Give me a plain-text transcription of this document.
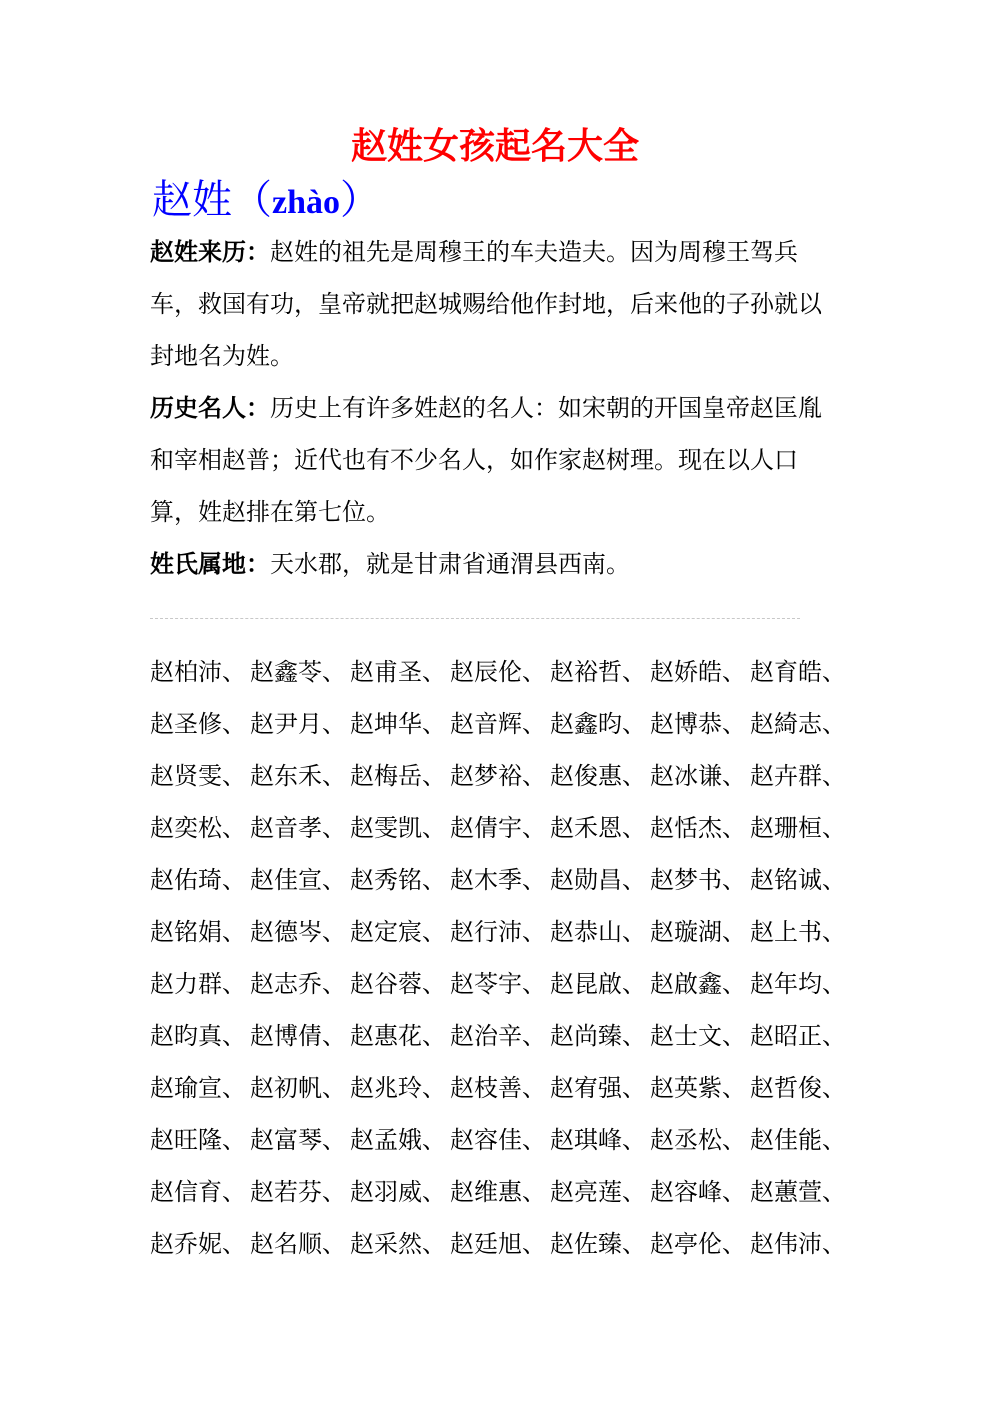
赵姓女孩起名大全
赵姓（zhào）

赵姓来历：赵姓的祖先是周穆王的车夫造夫。因为周穆王驾兵车，救国有功，皇帝就把赵城赐给他作封地，后来他的子孙就以封地名为姓。

历史名人：历史上有许多姓赵的名人：如宋朝的开国皇帝赵匡胤和宰相赵普；近代也有不少名人，如作家赵树理。现在以人口算，姓赵排在第七位。

姓氏属地：天水郡，就是甘肃省通渭县西南。

赵柏沛、 赵鑫苓、 赵甫圣、 赵辰伦、 赵裕哲、 赵娇皓、 赵育皓、
赵圣修、 赵尹月、 赵坤华、 赵音辉、 赵鑫昀、 赵博恭、 赵綺志、
赵贤雯、 赵东禾、 赵梅岳、 赵梦裕、 赵俊惠、 赵冰谦、 赵卉群、
赵奕松、 赵音孝、 赵雯凯、 赵倩宇、 赵禾恩、 赵恬杰、 赵珊桓、
赵佑琦、 赵佳宣、 赵秀铭、 赵木季、 赵勋昌、 赵梦书、 赵铭诚、
赵铭娟、 赵德岑、 赵定宸、 赵行沛、 赵恭山、 赵璇湖、 赵上书、
赵力群、 赵志乔、 赵谷蓉、 赵苓宇、 赵昆啟、 赵啟鑫、 赵年均、
赵昀真、 赵博倩、 赵惠花、 赵治辛、 赵尚臻、 赵士文、 赵昭正、
赵瑜宣、 赵初帆、 赵兆玲、 赵枝善、 赵宥强、 赵英紫、 赵哲俊、
赵旺隆、 赵富琴、 赵孟娥、 赵容佳、 赵琪峰、 赵丞松、 赵佳能、
赵信育、 赵若芬、 赵羽威、 赵维惠、 赵亮莲、 赵容峰、 赵蕙萱、
赵乔妮、 赵名顺、 赵采然、 赵廷旭、 赵佐臻、 赵亭伦、 赵伟沛、
